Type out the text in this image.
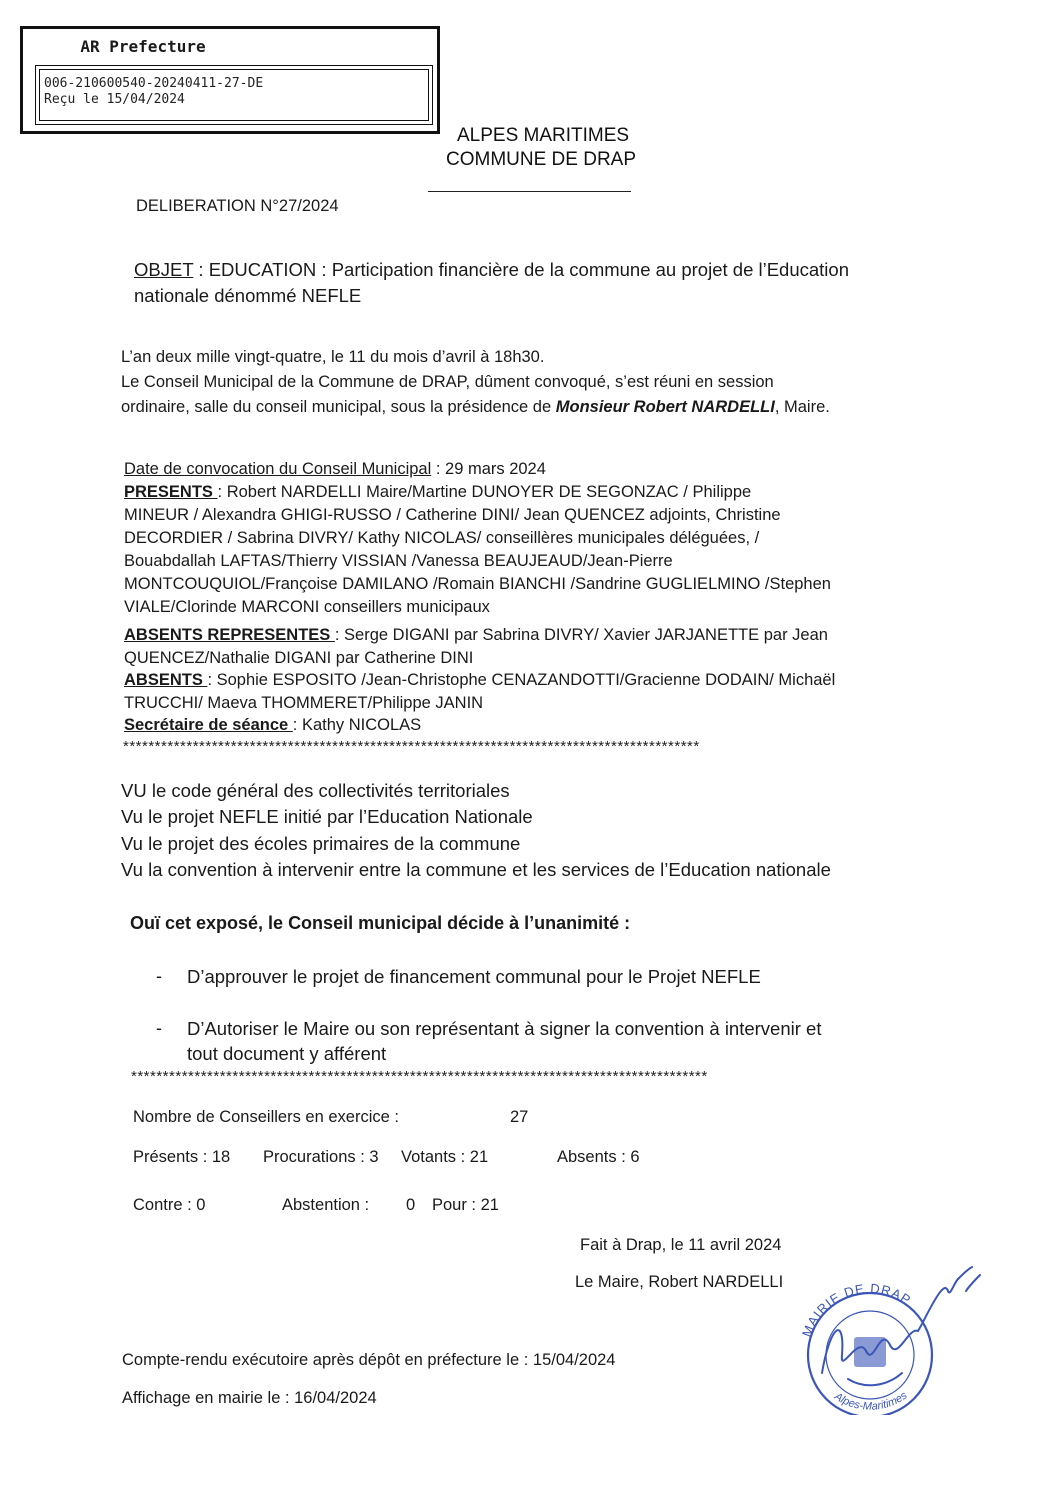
AR Prefecture
006-210600540-20240411-27-DE
Reçu le 15/04/2024
ALPES MARITIMES
COMMUNE DE DRAP
DELIBERATION N°27/2024
OBJET : EDUCATION : Participation financière de la commune au projet de l’Education
nationale dénommé NEFLE
L’an deux mille vingt-quatre, le 11 du mois d’avril à 18h30.
Le Conseil Municipal de la Commune de DRAP, dûment convoqué, s’est réuni en session
ordinaire, salle du conseil municipal, sous la présidence de Monsieur Robert NARDELLI, Maire.
Date de convocation du Conseil Municipal : 29 mars 2024
PRESENTS : Robert NARDELLI Maire/Martine DUNOYER DE SEGONZAC / Philippe
MINEUR / Alexandra GHIGI-RUSSO / Catherine DINI/ Jean QUENCEZ adjoints, Christine
DECORDIER / Sabrina DIVRY/ Kathy NICOLAS/ conseillères municipales déléguées, /
Bouabdallah LAFTAS/Thierry VISSIAN /Vanessa BEAUJEAUD/Jean-Pierre
MONTCOUQUIOL/Françoise DAMILANO /Romain BIANCHI /Sandrine GUGLIELMINO /Stephen
VIALE/Clorinde MARCONI conseillers municipaux
ABSENTS REPRESENTES : Serge DIGANI par Sabrina DIVRY/ Xavier JARJANETTE par Jean
QUENCEZ/Nathalie DIGANI par Catherine DINI
ABSENTS : Sophie ESPOSITO /Jean-Christophe CENAZANDOTTI/Gracienne DODAIN/ Michaël
TRUCCHI/ Maeva THOMMERET/Philippe JANIN
Secrétaire de séance : Kathy NICOLAS
*******************************************************************************************
VU le code général des collectivités territoriales
Vu le projet NEFLE initié par l’Education Nationale
Vu le projet des écoles primaires de la commune
Vu la convention à intervenir entre la commune et les services de l’Education nationale
Ouï cet exposé, le Conseil municipal décide à l’unanimité :
- D’approuver le projet de financement communal pour le Projet NEFLE
- D’Autoriser le Maire ou son représentant à signer la convention à intervenir et
tout document y afférent
*******************************************************************************************
Nombre de Conseillers en exercice :	27
Présents : 18 Procurations : 3 Votants : 21	Absents : 6
Contre : 0	Abstention : 0 Pour : 21
Fait à Drap, le 11 avril 2024
Le Maire, Robert NARDELLI
MAIRIE DE DRAP
Alpes-Maritimes
Compte-rendu exécutoire après dépôt en préfecture le : 15/04/2024
Affichage en mairie le : 16/04/2024
